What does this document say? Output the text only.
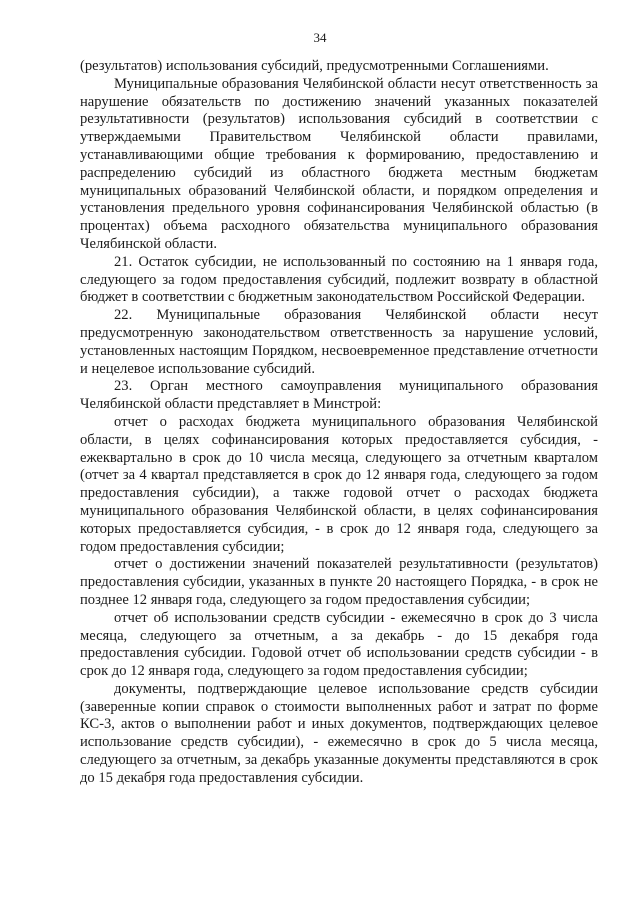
34

(результатов) использования субсидий, предусмотренными Соглашениями.

Муниципальные образования Челябинской области несут ответственность за нарушение обязательств по достижению значений указанных показателей результативности (результатов) использования субсидий в соответствии с утверждаемыми Правительством Челябинской области правилами, устанавливающими общие требования к формированию, предоставлению и распределению субсидий из областного бюджета местным бюджетам муниципальных образований Челябинской области, и порядком определения и установления предельного уровня софинансирования Челябинской областью (в процентах) объема расходного обязательства муниципального образования Челябинской области.

21. Остаток субсидии, не использованный по состоянию на 1 января года, следующего за годом предоставления субсидий, подлежит возврату в областной бюджет в соответствии с бюджетным законодательством Российской Федерации.

22. Муниципальные образования Челябинской области несут предусмотренную законодательством ответственность за нарушение условий, установленных настоящим Порядком, несвоевременное представление отчетности и нецелевое использование субсидий.

23. Орган местного самоуправления муниципального образования Челябинской области представляет в Минстрой:

отчет о расходах бюджета муниципального образования Челябинской области, в целях софинансирования которых предоставляется субсидия, - ежеквартально в срок до 10 числа месяца, следующего за отчетным кварталом (отчет за 4 квартал представляется в срок до 12 января года, следующего за годом предоставления субсидии), а также годовой отчет о расходах бюджета муниципального образования Челябинской области, в целях софинансирования которых предоставляется субсидия, - в срок до 12 января года, следующего за годом предоставления субсидии;

отчет о достижении значений показателей результативности (результатов) предоставления субсидии, указанных в пункте 20 настоящего Порядка, - в срок не позднее 12 января года, следующего за годом предоставления субсидии;

отчет об использовании средств субсидии - ежемесячно в срок до 3 числа месяца, следующего за отчетным, а за декабрь - до 15 декабря года предоставления субсидии. Годовой отчет об использовании средств субсидии - в срок до 12 января года, следующего за годом предоставления субсидии;

документы, подтверждающие целевое использование средств субсидии (заверенные копии справок о стоимости выполненных работ и затрат по форме КС-3, актов о выполнении работ и иных документов, подтверждающих целевое использование средств субсидии), - ежемесячно в срок до 5 числа месяца, следующего за отчетным, за декабрь указанные документы представляются в срок до 15 декабря года предоставления субсидии.
